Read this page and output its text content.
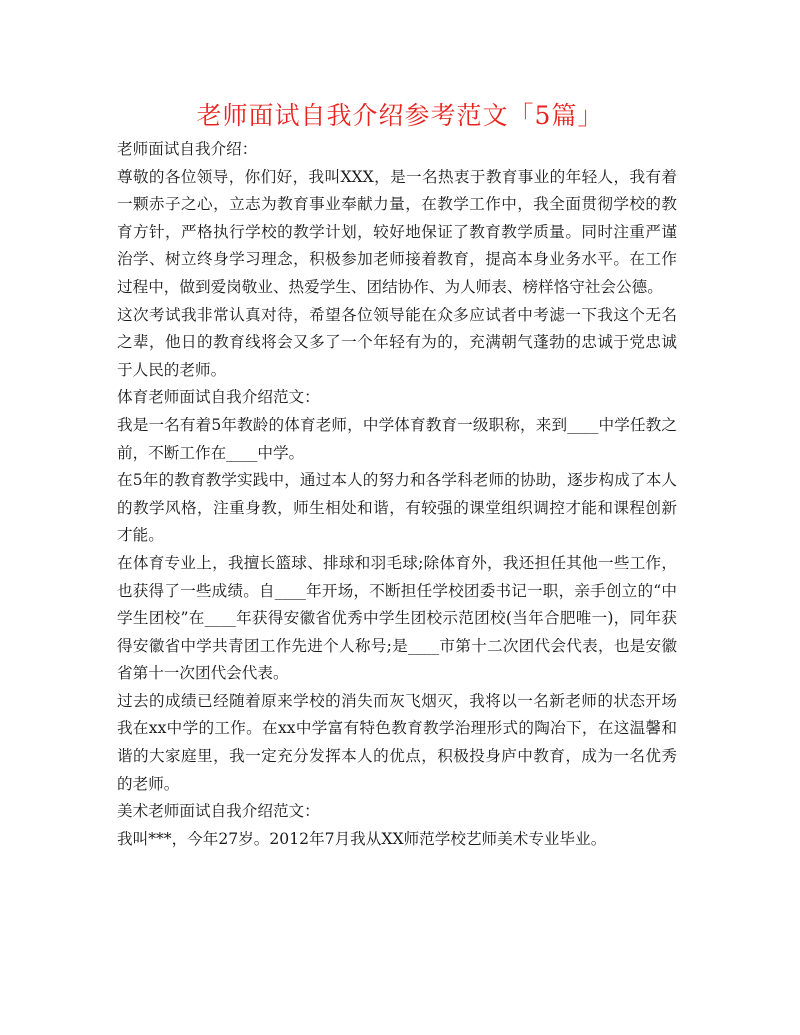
老师面试自我介绍参考范文「5篇」

老师面试自我介绍：

尊敬的各位领导，你们好，我叫XXX，是一名热衷于教育事业的年轻人，我有着一颗赤子之心，立志为教育事业奉献力量，在教学工作中，我全面贯彻学校的教育方针，严格执行学校的教学计划，较好地保证了教育教学质量。同时注重严谨治学、树立终身学习理念，积极参加老师接着教育，提高本身业务水平。在工作过程中，做到爱岗敬业、热爱学生、团结协作、为人师表、榜样恪守社会公德。

这次考试我非常认真对待，希望各位领导能在众多应试者中考滤一下我这个无名之辈，他日的教育线将会又多了一个年轻有为的，充满朝气蓬勃的忠诚于党忠诚于人民的老师。

体育老师面试自我介绍范文：

我是一名有着5年教龄的体育老师，中学体育教育一级职称，来到____中学任教之前，不断工作在____中学。

在5年的教育教学实践中，通过本人的努力和各学科老师的协助，逐步构成了本人的教学风格，注重身教，师生相处和谐，有较强的课堂组织调控才能和课程创新才能。

在体育专业上，我擅长篮球、排球和羽毛球;除体育外，我还担任其他一些工作，也获得了一些成绩。自____年开场，不断担任学校团委书记一职，亲手创立的“中学生团校”在____年获得安徽省优秀中学生团校示范团校(当年合肥唯一)，同年获得安徽省中学共青团工作先进个人称号;是____市第十二次团代会代表，也是安徽省第十一次团代会代表。

过去的成绩已经随着原来学校的消失而灰飞烟灭，我将以一名新老师的状态开场我在xx中学的工作。在xx中学富有特色教育教学治理形式的陶冶下，在这温馨和谐的大家庭里，我一定充分发挥本人的优点，积极投身庐中教育，成为一名优秀的老师。

美术老师面试自我介绍范文：

我叫***，今年27岁。2012年7月我从XX师范学校艺师美术专业毕业。
